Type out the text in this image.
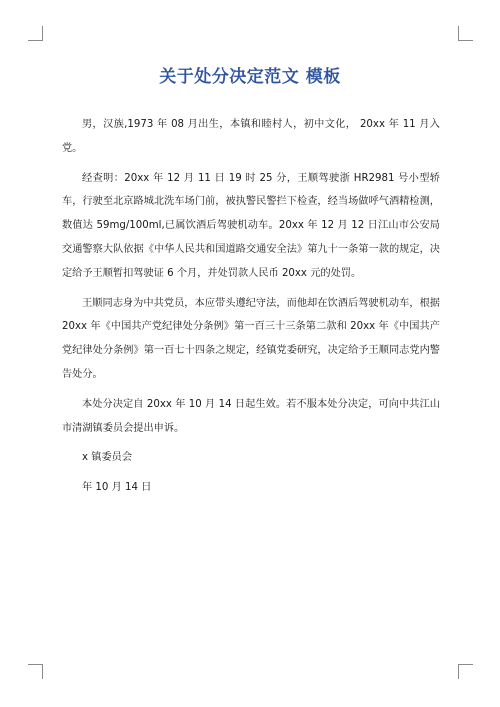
关于处分决定范文 模板

男，汉族,1973 年 08 月出生，本镇和睦村人，初中文化， 20xx 年 11 月入党。

经查明：20xx 年 12 月 11 日 19 时 25 分，王顺驾驶浙 HR2981 号小型轿车，行驶至北京路城北洗车场门前，被执警民警拦下检查，经当场做呼气酒精检测，数值达 59mg/100ml,已属饮酒后驾驶机动车。20xx 年 12 月 12 日江山市公安局交通警察大队依据《中华人民共和国道路交通安全法》第九十一条第一款的规定，决定给予王顺暂扣驾驶证 6 个月，并处罚款人民币 20xx 元的处罚。

王顺同志身为中共党员，本应带头遵纪守法，而他却在饮酒后驾驶机动车，根据20xx 年《中国共产党纪律处分条例》第一百三十三条第二款和 20xx 年《中国共产党纪律处分条例》第一百七十四条之规定，经镇党委研究，决定给予王顺同志党内警告处分。

本处分决定自 20xx 年 10 月 14 日起生效。若不服本处分决定，可向中共江山市清湖镇委员会提出申诉。

x 镇委员会

年 10 月 14 日
